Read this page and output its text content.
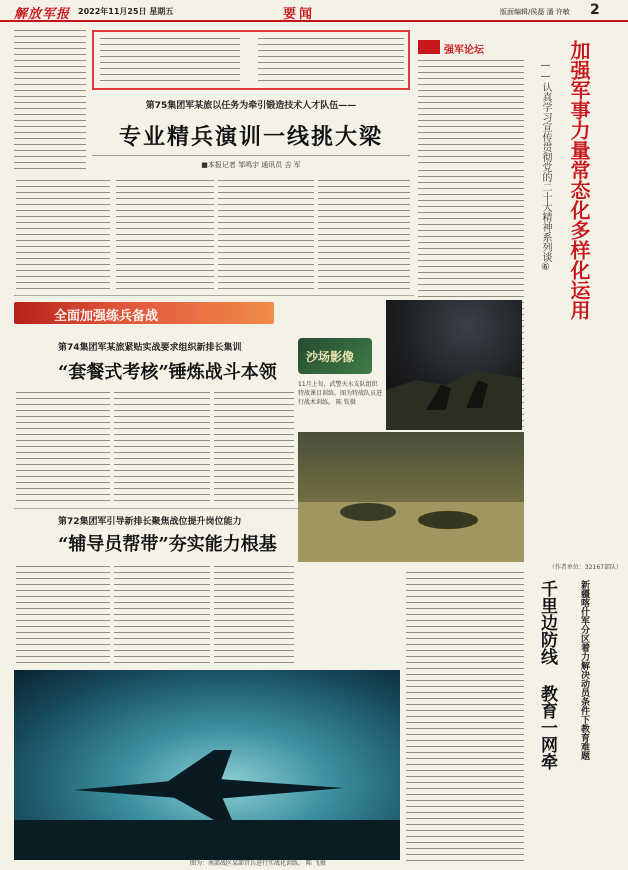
解放军报 2022年11月25日 星期五	要闻	版面编辑/侯磊 潘 许敏 2
第75集团军某旅以任务为牵引锻造技术人才队伍——
专业精兵演训一线挑大梁
■本报记者 邹鸣宇 通讯员 吉 军
强军论坛	加强军事力量常态化多样化运用
——认真学习宣传贯彻党的二十大精神系列谈⑥
（作者单位：32167部队）
全面加强练兵备战
第74集团军某旅紧贴实战要求组织新排长集训
“套餐式考核”锤炼战斗本领
第72集团军引导新排长聚焦战位提升岗位能力
“辅导员帮带”夯实能力根基
沙场影像
11月上旬，武警天水支队组织特战课目训练。图为特战队员进行战术训练。 陈 钦摄
图为：南部战区某部官兵进行实战化训练。 陈 飞摄
新疆喀什军分区着力解决动员条件下教育难题
千里边防线 教育一网牵
